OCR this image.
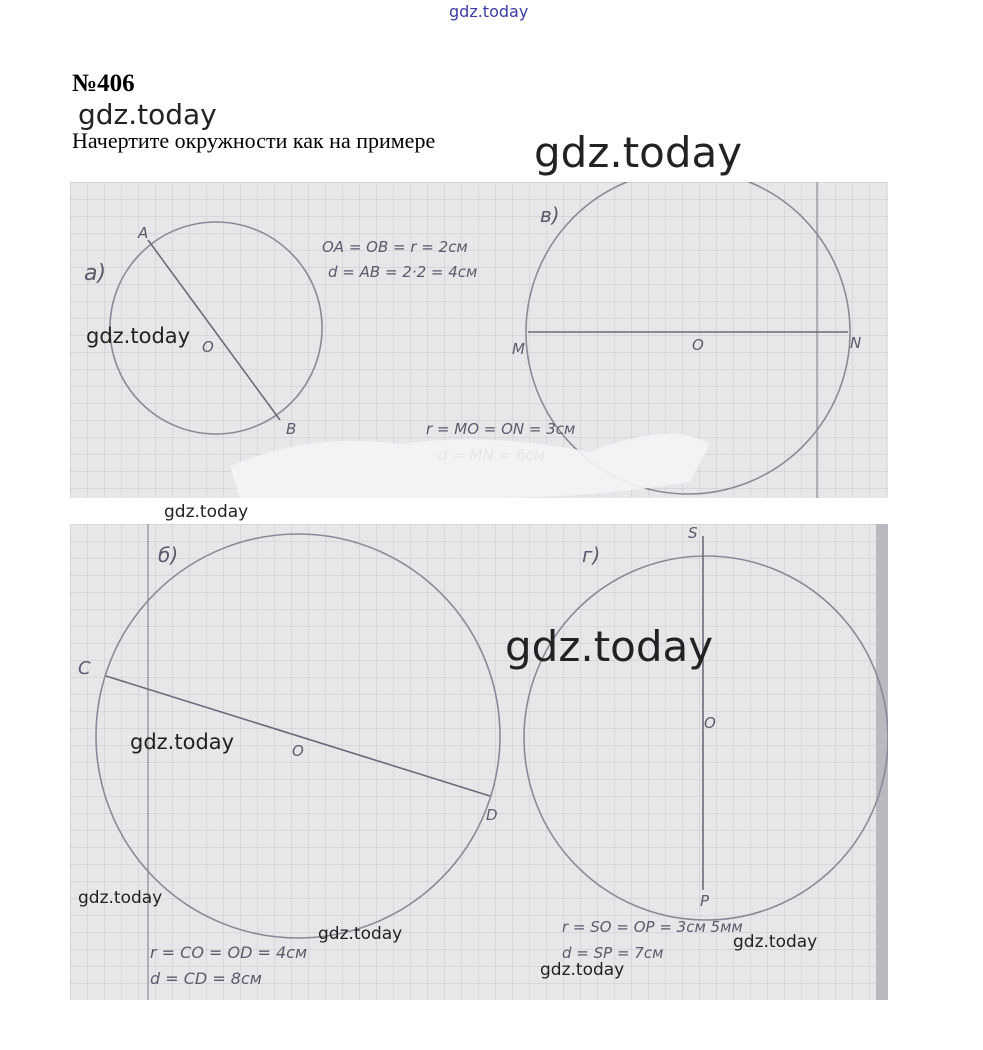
gdz.today
№406
gdz.today
Начертите окружности как на примере gdz.today
а)
A
B
O
OA = OB = r = 2см
d = AB = 2·2 = 4см
в)
M	N
O
r = MO = ON = 3см
gdz.today
gdz.today
б)
C
D
O
r = CO = OD = 4см
d = CD = 8см
г)
S
P
O
r = SO = OP = 3см 5мм
d = SP = 7см
gdz.today
gdz.today
gdz.today
gdz.today	gdz.today
gdz.today
